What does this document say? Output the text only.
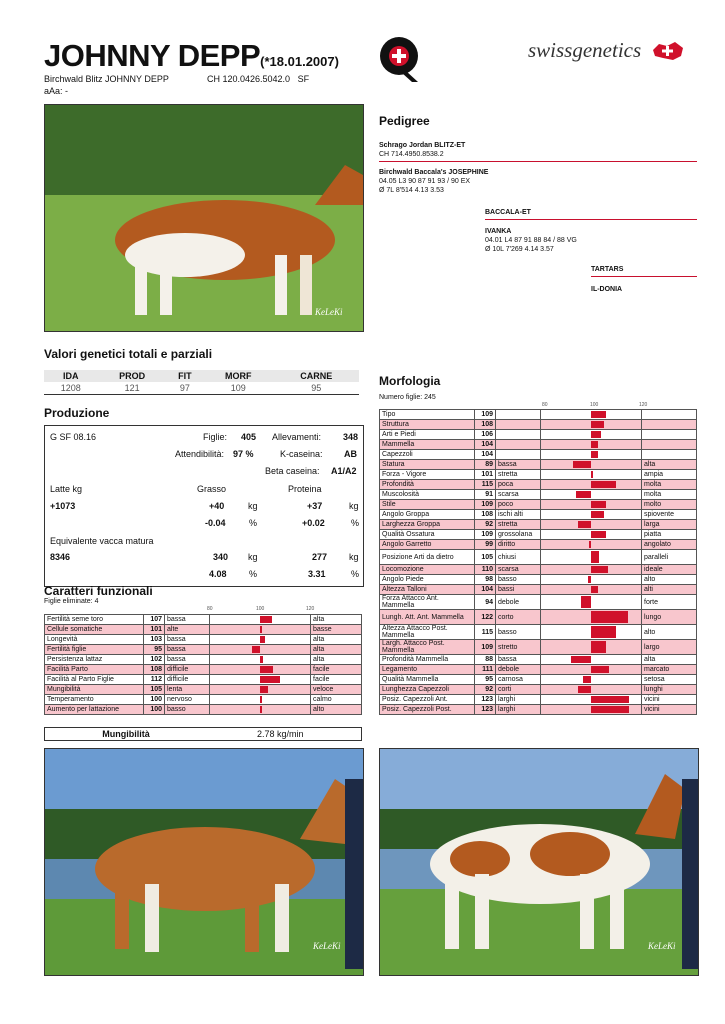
JOHNNY DEPP(*18.01.2007)
Birchwald Blitz JOHNNY DEPP	CH 120.0426.5042.0 SF
aAa: -
swissgenetics
KeLeKi
Pedigree
Schrago Jordan BLITZ-ET
CH 714.4950.8538.2
Birchwald Baccala's JOSEPHINE
04.05 L3 90 87 91 93 / 90 EX
Ø 7L 8'514 4.13 3.53
BACCALA-ET
IVANKA
04.01 L4 87 91 88 84 / 88 VG
Ø 10L 7'269 4.14 3.57
TARTARS
IL-DONIA
Valori genetici totali e parziali
IDA	PROD	FIT	MORF	CARNE
1208	121	97	109	95
Produzione
G SF 08.16	Figlie: 405 Allevamenti: 348
Attendibilità: 97 %	K-caseina: AB
Beta caseina: A1/A2
Latte kg	Grasso	Proteina
+1073	+40	kg	+37	kg
-0.04	%	+0.02	%
Equivalente vacca matura
8346	340 kg	277 kg
4.08 %	3.31	%
Caratteri funzionali
Figlie eliminate: 4
80	100	120
Fertilità seme toro	107	bassa		alta
Cellule somatiche	101	alte		basse
Longevità	103	bassa		alta
Fertilità figlie	95	bassa		alta
Persistenza lattaz	102	bassa		alta
Facilità Parto	108	difficile		facile
Facilità al Parto Figlie	112	difficile		facile
Mungibilità	105	lenta		veloce
Temperamento	100	nervoso		calmo
Aumento per lattazione	100	basso		alto
Mungibilità	2.78 kg/min
Morfologia
Numero figlie: 245
80	100	120
Tipo	109		

Struttura	108		

Arti e Piedi	106		

Mammella	104		

Capezzoli	104		

Statura	89	bassa		alta
Forza - Vigore	101	stretta		ampia
Profondità	115	poca		molta
Muscolosità	91	scarsa		molta
Stile	109	poco		molto
Angolo Groppa	108	ischi alti		spiovente
Larghezza Groppa	92	stretta		larga
Qualità Ossatura	109	grossolana		piatta
Angolo Garretto	99	diritto		angolato
Posizione Arti da dietro	105	chiusi		paralleli
Locomozione	110	scarsa		ideale
Angolo Piede	98	basso		alto
Altezza Talloni	104	bassi		alti
Forza Attacco Ant. Mammella	94	debole		forte
Lungh. Att. Ant. Mammella	122	corto		lungo
Altezza Attacco Post. Mammella	115	basso		alto
Largh. Attacco Post. Mammella	109	stretto		largo
Profondità Mammella	88	bassa		alta
Legamento	111	debole		marcato
Qualità Mammella	95	carnosa		setosa
Lunghezza Capezzoli	92	corti		lunghi
Posiz. Capezzoli Ant.	123	larghi		vicini
Posiz. Capezzoli Post.	123	larghi		vicini
KeLeKi	KeLeKi
